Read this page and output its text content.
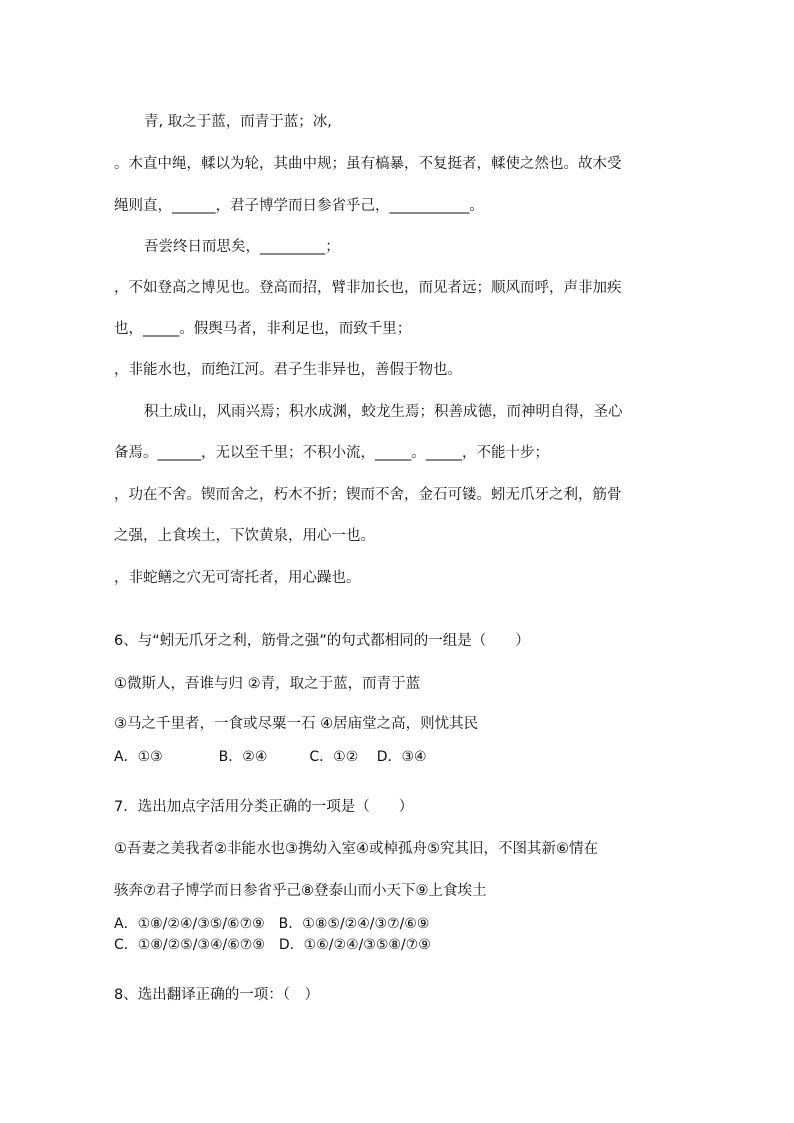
青, 取之于蓝，而青于蓝；冰,
。木直中绳，輮以为轮，其曲中规；虽有槁暴，不复挺者，輮使之然也。故木受
绳则直，______，君子博学而日参省乎己，___________。
吾尝终日而思矣，_________；
，不如登高之博见也。登高而招，臂非加长也，而见者远；顺风而呼，声非加疾
也，_____。假舆马者，非利足也，而致千里；
，非能水也，而绝江河。君子生非异也，善假于物也。
积土成山，风雨兴焉；积水成渊，蛟龙生焉；积善成德，而神明自得，圣心
备焉。______，无以至千里；不积小流，_____。_____，不能十步；
，功在不舍。锲而舍之，朽木不折；锲而不舍，金石可镂。蚓无爪牙之利，筋骨
之强，上食埃土，下饮黄泉，用心一也。
，非蛇鳝之穴无可寄托者，用心躁也。
6、与“蚓无爪牙之利，筋骨之强”的句式都相同的一组是（　　）
①微斯人，吾谁与归 ②青，取之于蓝，而青于蓝
③马之千里者，一食或尽粟一石 ④居庙堂之高，则忧其民
A．①③　　　　B．②④　　　C．①②　 D．③④
7．选出加点字活用分类正确的一项是（　　）
①吾妻之美我者②非能水也③携幼入室④或棹孤舟⑤究其旧，不图其新⑥情在
骇奔⑦君子博学而日参省乎己⑧登泰山而小天下⑨上食埃土
A．①⑧/②④/③⑤/⑥⑦⑨　B．①⑧⑤/②④/③⑦/⑥⑨
C．①⑧/②⑤/③④/⑥⑦⑨　D．①⑥/②④/③⑤⑧/⑦⑨
8、选出翻译正确的一项：（　）
